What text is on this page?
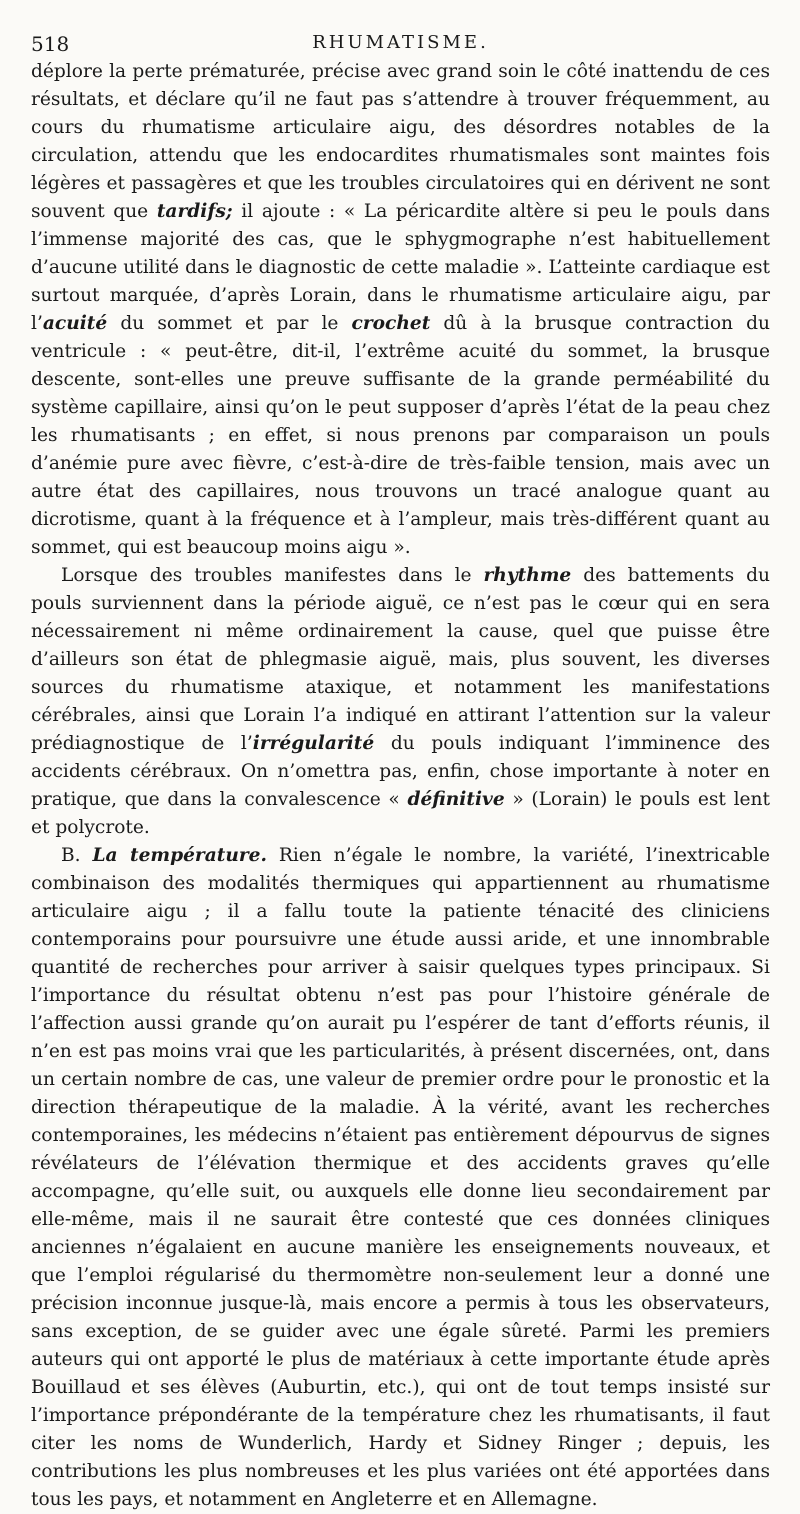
518	RHUMATISME.

déplore la perte prématurée, précise avec grand soin le côté inattendu de ces résultats, et déclare qu’il ne faut pas s’attendre à trouver fréquemment, au cours du rhumatisme articulaire aigu, des désordres notables de la circulation, attendu que les endocardites rhumatismales sont maintes fois légères et passagères et que les troubles circulatoires qui en dérivent ne sont souvent que tardifs; il ajoute : « La péricardite altère si peu le pouls dans l’immense majorité des cas, que le sphygmographe n’est habituellement d’aucune utilité dans le diagnostic de cette maladie ». L’atteinte cardiaque est surtout marquée, d’après Lorain, dans le rhumatisme articulaire aigu, par l’acuité du sommet et par le crochet dû à la brusque contraction du ventricule : « peut-être, dit-il, l’extrême acuité du sommet, la brusque descente, sont-elles une preuve suffisante de la grande perméabilité du système capillaire, ainsi qu’on le peut supposer d’après l’état de la peau chez les rhumatisants ; en effet, si nous prenons par comparaison un pouls d’anémie pure avec fièvre, c’est-à-dire de très-faible tension, mais avec un autre état des capillaires, nous trouvons un tracé analogue quant au dicrotisme, quant à la fréquence et à l’ampleur, mais très-différent quant au sommet, qui est beaucoup moins aigu ».

Lorsque des troubles manifestes dans le rhythme des battements du pouls surviennent dans la période aiguë, ce n’est pas le cœur qui en sera nécessairement ni même ordinairement la cause, quel que puisse être d’ailleurs son état de phlegmasie aiguë, mais, plus souvent, les diverses sources du rhumatisme ataxique, et notamment les manifestations cérébrales, ainsi que Lorain l’a indiqué en attirant l’attention sur la valeur prédiagnostique de l’irrégularité du pouls indiquant l’imminence des accidents cérébraux. On n’omettra pas, enfin, chose importante à noter en pratique, que dans la convalescence « définitive » (Lorain) le pouls est lent et polycrote.

B. La température. Rien n’égale le nombre, la variété, l’inextricable combinaison des modalités thermiques qui appartiennent au rhumatisme articulaire aigu ; il a fallu toute la patiente ténacité des cliniciens contemporains pour poursuivre une étude aussi aride, et une innombrable quantité de recherches pour arriver à saisir quelques types principaux. Si l’importance du résultat obtenu n’est pas pour l’histoire générale de l’affection aussi grande qu’on aurait pu l’espérer de tant d’efforts réunis, il n’en est pas moins vrai que les particularités, à présent discernées, ont, dans un certain nombre de cas, une valeur de premier ordre pour le pronostic et la direction thérapeutique de la maladie. À la vérité, avant les recherches contemporaines, les médecins n’étaient pas entièrement dépourvus de signes révélateurs de l’élévation thermique et des accidents graves qu’elle accompagne, qu’elle suit, ou auxquels elle donne lieu secondairement par elle-même, mais il ne saurait être contesté que ces données cliniques anciennes n’égalaient en aucune manière les enseignements nouveaux, et que l’emploi régularisé du thermomètre non-seulement leur a donné une précision inconnue jusque-là, mais encore a permis à tous les observateurs, sans exception, de se guider avec une égale sûreté. Parmi les premiers auteurs qui ont apporté le plus de matériaux à cette importante étude après Bouillaud et ses élèves (Auburtin, etc.), qui ont de tout temps insisté sur l’importance prépondérante de la température chez les rhumatisants, il faut citer les noms de Wunderlich, Hardy et Sidney Ringer ; depuis, les contributions les plus nombreuses et les plus variées ont été apportées dans tous les pays, et notamment en Angleterre et en Allemagne.
